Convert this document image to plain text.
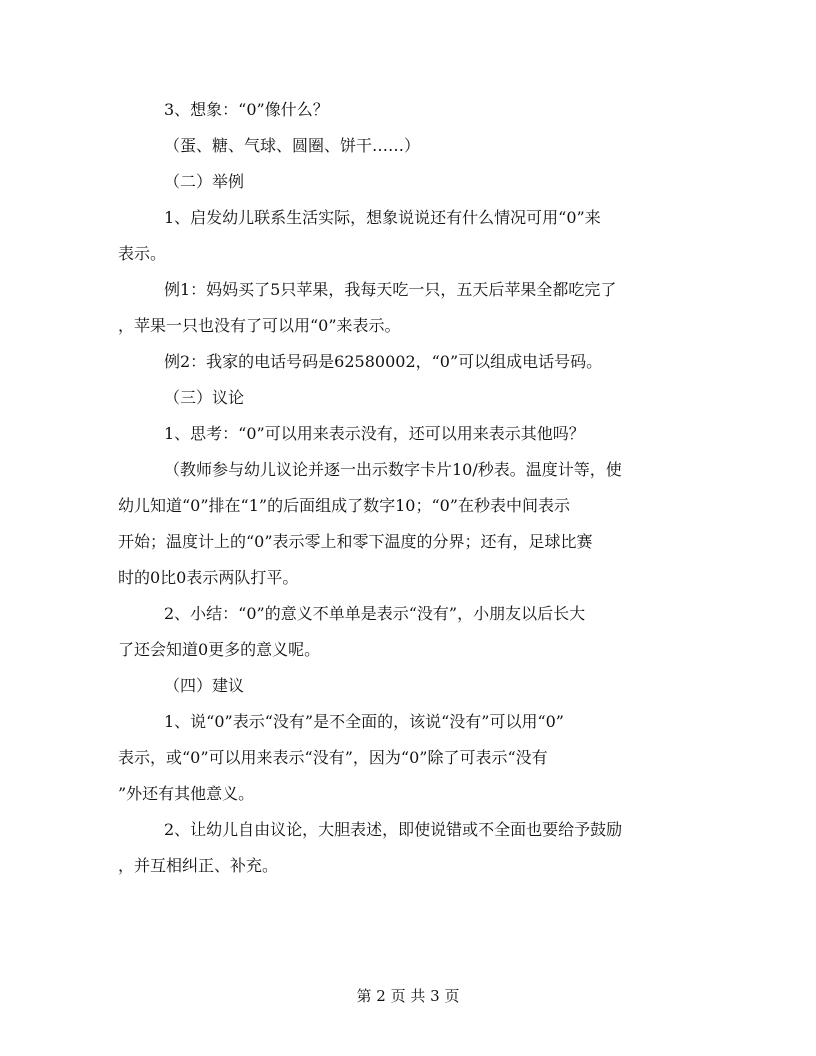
3、想象：“0”像什么？

（蛋、糖、气球、圆圈、饼干……）

（二）举例

1、启发幼儿联系生活实际，想象说说还有什么情况可用“0”来
表示。

例1：妈妈买了5只苹果，我每天吃一只，五天后苹果全都吃完了
，苹果一只也没有了可以用“0”来表示。

例2：我家的电话号码是62580002，“0”可以组成电话号码。

（三）议论

1、思考：“0”可以用来表示没有，还可以用来表示其他吗？

（教师参与幼儿议论并逐一出示数字卡片10/秒表。温度计等，使
幼儿知道“0”排在“1”的后面组成了数字10；“0”在秒表中间表示
开始；温度计上的“0”表示零上和零下温度的分界；还有，足球比赛
时的0比0表示两队打平。

2、小结：“0”的意义不单单是表示“没有”，小朋友以后长大
了还会知道0更多的意义呢。

（四）建议

1、说“0”表示“没有”是不全面的，该说“没有”可以用“0”
表示，或“0”可以用来表示“没有”，因为“0”除了可表示“没有
”外还有其他意义。

2、让幼儿自由议论，大胆表述，即使说错或不全面也要给予鼓励
，并互相纠正、补充。

第 2 页 共 3 页
